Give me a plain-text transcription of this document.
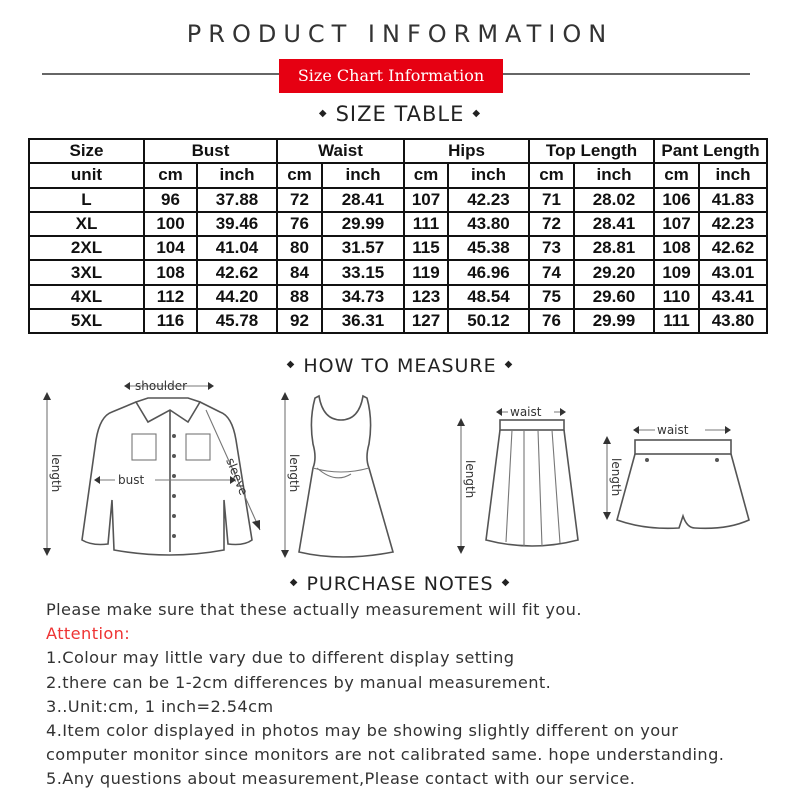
PRODUCT INFORMATION
Size Chart Information
◆ SIZE TABLE ◆
Size	Bust		Waist		Hips		Top Length		Pant Length	
unit	cm	inch	cm	inch	cm	inch	cm	inch	cm	inch
L	96	37.88	72	28.41	107	42.23	71	28.02	106	41.83
XL	100	39.46	76	29.99	111	43.80	72	28.41	107	42.23
2XL	104	41.04	80	31.57	115	45.38	73	28.81	108	42.62
3XL	108	42.62	84	33.15	119	46.96	74	29.20	109	43.01
4XL	112	44.20	88	34.73	123	48.54	75	29.60	110	43.41
5XL	116	45.78	92	36.31	127	50.12	76	29.99	111	43.80
◆ HOW TO MEASURE ◆
length
shoulder
bust	sleeve	length	length
waist
length
waist
◆ PURCHASE NOTES ◆
Please make sure that these actually measurement will fit you.
Attention:
1.Colour may little vary due to different display setting
2.there can be 1-2cm differences by manual measurement.
3..Unit:cm, 1 inch=2.54cm
4.Item color displayed in photos may be showing slightly different on your
computer monitor since monitors are not calibrated same. hope understanding.
5.Any questions about measurement,Please contact with our service.
